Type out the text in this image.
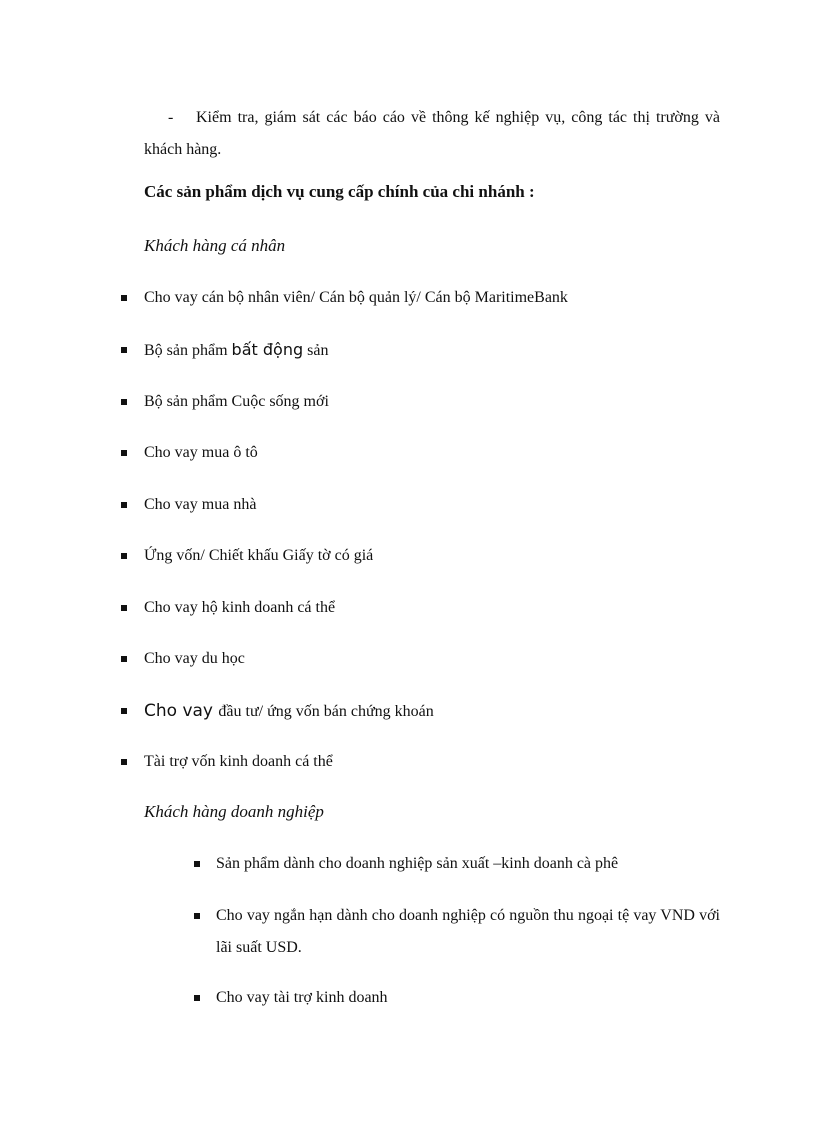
- Kiểm tra, giám sát các báo cáo về thông kế nghiệp vụ, công tác thị trường và khách hàng.

Các sản phẩm dịch vụ cung cấp chính của chi nhánh :
Khách hàng cá nhân
Cho vay cán bộ nhân viên/ Cán bộ quản lý/ Cán bộ MaritimeBank
Bộ sản phẩm bất động sản
Bộ sản phẩm Cuộc sống mới
Cho vay mua ô tô
Cho vay mua nhà
Ứng vốn/ Chiết khấu Giấy tờ có giá
Cho vay hộ kinh doanh cá thể
Cho vay du học
Cho vay đầu tư/ ứng vốn bán chứng khoán
Tài trợ vốn kinh doanh cá thể
Khách hàng doanh nghiệp
Sản phẩm dành cho doanh nghiệp sản xuất –kinh doanh cà phê
Cho vay ngắn hạn dành cho doanh nghiệp có nguồn thu ngoại tệ vay VND với lãi suất USD.
Cho vay tài trợ kinh doanh
